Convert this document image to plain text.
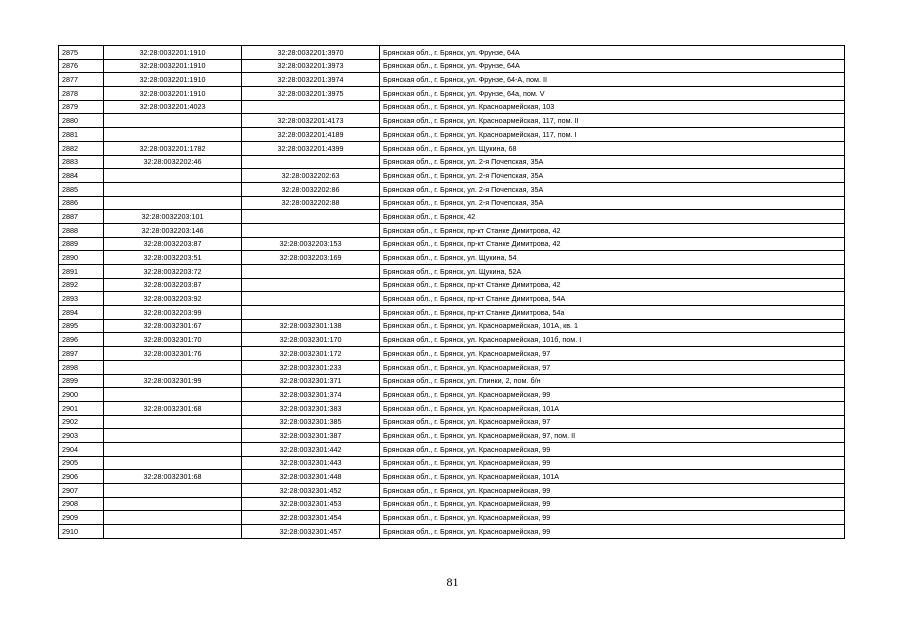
2875	32:28:0032201:1910	32:28:0032201:3970	Брянская обл., г. Брянск, ул. Фрунзе, 64А
2876	32:28:0032201:1910	32:28:0032201:3973	Брянская обл., г. Брянск, ул. Фрунзе, 64А
2877	32:28:0032201:1910	32:28:0032201:3974	Брянская обл., г. Брянск, ул. Фрунзе, 64-А, пом. II
2878	32:28:0032201:1910	32:28:0032201:3975	Брянская обл., г. Брянск, ул. Фрунзе, 64а, пом. V
2879	32:28:0032201:4023		Брянская обл., г. Брянск, ул. Красноармейская, 103
2880		32:28:0032201:4173	Брянская обл., г. Брянск, ул. Красноармейская, 117, пом. II
2881		32:28:0032201:4189	Брянская обл., г. Брянск, ул. Красноармейская, 117, пом. I
2882	32:28:0032201:1782	32:28:0032201:4399	Брянская обл., г. Брянск, ул. Щукина, 68
2883	32:28:0032202:46		Брянская обл., г. Брянск, ул. 2-я Почепская, 35А
2884		32:28:0032202:63	Брянская обл., г. Брянск, ул. 2-я Почепская, 35А
2885		32:28:0032202:86	Брянская обл., г. Брянск, ул. 2-я Почепская, 35А
2886		32:28:0032202:88	Брянская обл., г. Брянск, ул. 2-я Почепская, 35А
2887	32:28:0032203:101		Брянская обл., г. Брянск, 42
2888	32:28:0032203:146		Брянская обл., г. Брянск, пр-кт Станке Димитрова, 42
2889	32:28:0032203:87	32:28:0032203:153	Брянская обл., г. Брянск, пр-кт Станке Димитрова, 42
2890	32:28:0032203:51	32:28:0032203:169	Брянская обл., г. Брянск, ул. Щукина, 54
2891	32:28:0032203:72		Брянская обл., г. Брянск, ул. Щукина, 52А
2892	32:28:0032203:87		Брянская обл., г. Брянск, пр-кт Станке Димитрова, 42
2893	32:28:0032203:92		Брянская обл., г. Брянск, пр-кт Станке Димитрова, 54А
2894	32:28:0032203:99		Брянская обл., г. Брянск, пр-кт Станке Димитрова, 54а
2895	32:28:0032301:67	32:28:0032301:138	Брянская обл., г. Брянск, ул. Красноармейская, 101А, кв. 1
2896	32:28:0032301:70	32:28:0032301:170	Брянская обл., г. Брянск, ул. Красноармейская, 101б, пом. I
2897	32:28:0032301:76	32:28:0032301:172	Брянская обл., г. Брянск, ул. Красноармейская, 97
2898		32:28:0032301:233	Брянская обл., г. Брянск, ул. Красноармейская, 97
2899	32:28:0032301:99	32:28:0032301:371	Брянская обл., г. Брянск, ул. Глинки, 2, пом. б/н
2900		32:28:0032301:374	Брянская обл., г. Брянск, ул. Красноармейская, 99
2901	32:28:0032301:68	32:28:0032301:383	Брянская обл., г. Брянск, ул. Красноармейская, 101А
2902		32:28:0032301:385	Брянская обл., г. Брянск, ул. Красноармейская, 97
2903		32:28:0032301:387	Брянская обл., г. Брянск, ул. Красноармейская, 97, пом. II
2904		32:28:0032301:442	Брянская обл., г. Брянск, ул. Красноармейская, 99
2905		32:28:0032301:443	Брянская обл., г. Брянск, ул. Красноармейская, 99
2906	32:28:0032301:68	32:28:0032301:448	Брянская обл., г. Брянск, ул. Красноармейская, 101А
2907		32:28:0032301:452	Брянская обл., г. Брянск, ул. Красноармейская, 99
2908		32:28:0032301:453	Брянская обл., г. Брянск, ул. Красноармейская, 99
2909		32:28:0032301:454	Брянская обл., г. Брянск, ул. Красноармейская, 99
2910		32:28:0032301:457	Брянская обл., г. Брянск, ул. Красноармейская, 99
81
